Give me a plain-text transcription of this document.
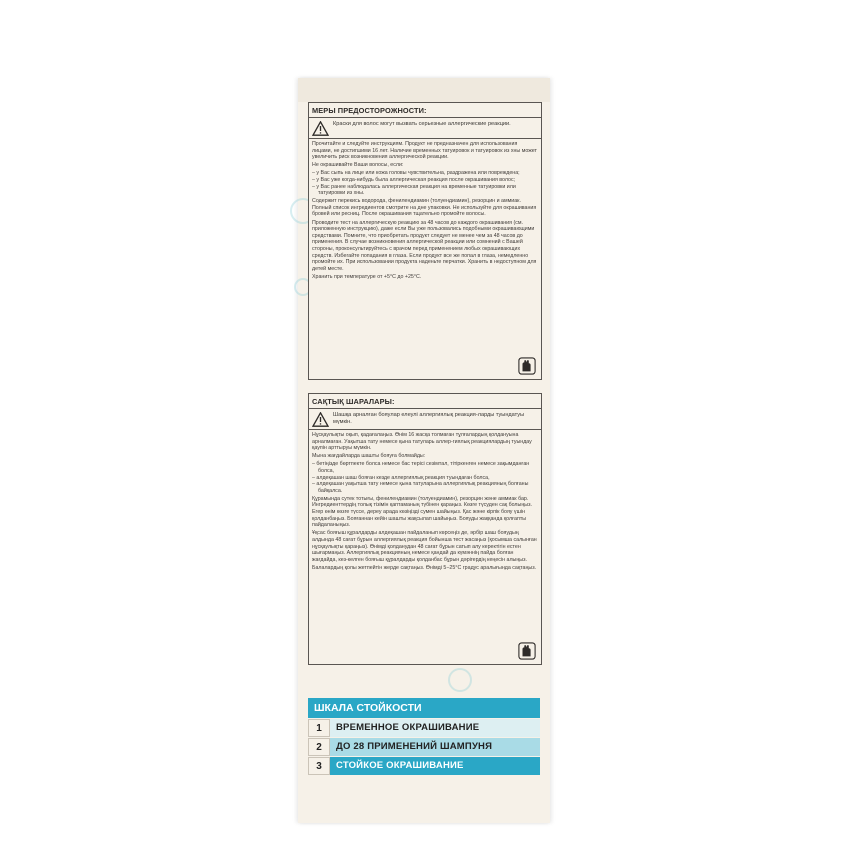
МЕРЫ ПРЕДОСТОРОЖНОСТИ:
Краски для волос могут вызвать серьезные аллергические реакции.

Прочитайте и следуйте инструкциям. Продукт не предназначен для использования лицами, не достигшими 16 лет. Наличие временных татуировок и татуировок из хны может увеличить риск возникновения аллергической реакции.

Не окрашивайте Ваши волосы, если:

– у Вас сыпь на лице или кожа головы чувствительна, раздражена или повреждена;
– у Вас уже когда-нибудь была аллергическая реакция после окрашивания волос;
– у Вас ранее наблюдалась аллергическая реакция на временные татуировки или татуировки из хны.

Содержит перекись водорода, фенилендиамин (толуендиамин), резорцин и аммиак. Полный список ингредиентов смотрите на дне упаковки. Не используйте для окрашивания бровей или ресниц. После окрашивания тщательно промойте волосы.

Проводите тест на аллергическую реакцию за 48 часов до каждого окрашивания (см. приложенную инструкцию), даже если Вы уже пользовались подобными окрашивающими средствами. Помните, что приобретать продукт следует не менее чем за 48 часов до применения. В случае возникновения аллергической реакции или сомнений с Вашей стороны, проконсультируйтесь с врачом перед применением любых окрашивающих средств. Избегайте попадания в глаза. Если продукт все же попал в глаза, немедленно промойте их. При использовании продукта наденьте перчатки. Хранить в недоступном для детей месте.

Хранить при температуре от +5°С до +25°С.

САҚТЫҚ ШАРАЛАРЫ:
Шашқа арналған бояулар елеулі аллергиялық реакция-ларды туындатуы мүмкін.

Нұсқаулықты оқып, қадағалаңыз. Өнім 16 жасқа толмаған тұлғалардың қолдануына арналмаған. Уақытша тату немесе қына татуларь аллер-гиялық реакциялардың туындау қаупін арттыруы мүмкін.

Мына жағдайларда шашты бояуға болмайды:

– бетіңізде бөртпекте болса немесе бас терісі сезімтал, тітіркенген немесе зақымданған болса,
– алдеқашан шаш бояған кезде аллергиялық реакция туындаған болса,
– алдеқашан уақытша тату немесе қына татуларына аллергиялық реакцияның болғаны байқалса.

Құрамында сутек тотығы, фенилендиамин (толуендиамин), резорцин және аммиак бар. Ингредиенттердің толық тізімін қаптаманың түбінен қараңыз. Көзге түсуден сақ болыңыз. Егер өнім көзге түссе, дереу арада көзіңізді сумен шайыңыз. Қас және кірпік бояу үшін қолданбаңыз. Бояғаннан кейін шашты жақсылап шайыңыз. Бояуды жаққанда қолғапты пайдаланыңыз.

Ұқсас бояғыш құралдарды алдеқашан пайдаланып көрсеңіз де, әрбір шаш бояудың алдында 48 сағат бұрын аллергиялық реакция бойынша тест жасаңыз (қосымша салынған нұсқаулықты қараңыз). Өнімді қолданудан 48 сағат бұрын сатып алу керектігін естен шығармаңыз. Аллергиялық реакцияның немесе қандай да күмәннің пайда болған жағдайда, кез-келген бояғыш құралдарды қолданбас бұрын дәрігердің кеңесін алыңыз.

Балалардың қолы жетпейтін жерде сақтаңыз. Өнімді 5−25°С градус аралығында сақтаңыз.

ШКАЛА СТОЙКОСТИ
1	ВРЕМЕННОЕ ОКРАШИВАНИЕ
2	ДО 28 ПРИМЕНЕНИЙ ШАМПУНЯ
3	СТОЙКОЕ ОКРАШИВАНИЕ
